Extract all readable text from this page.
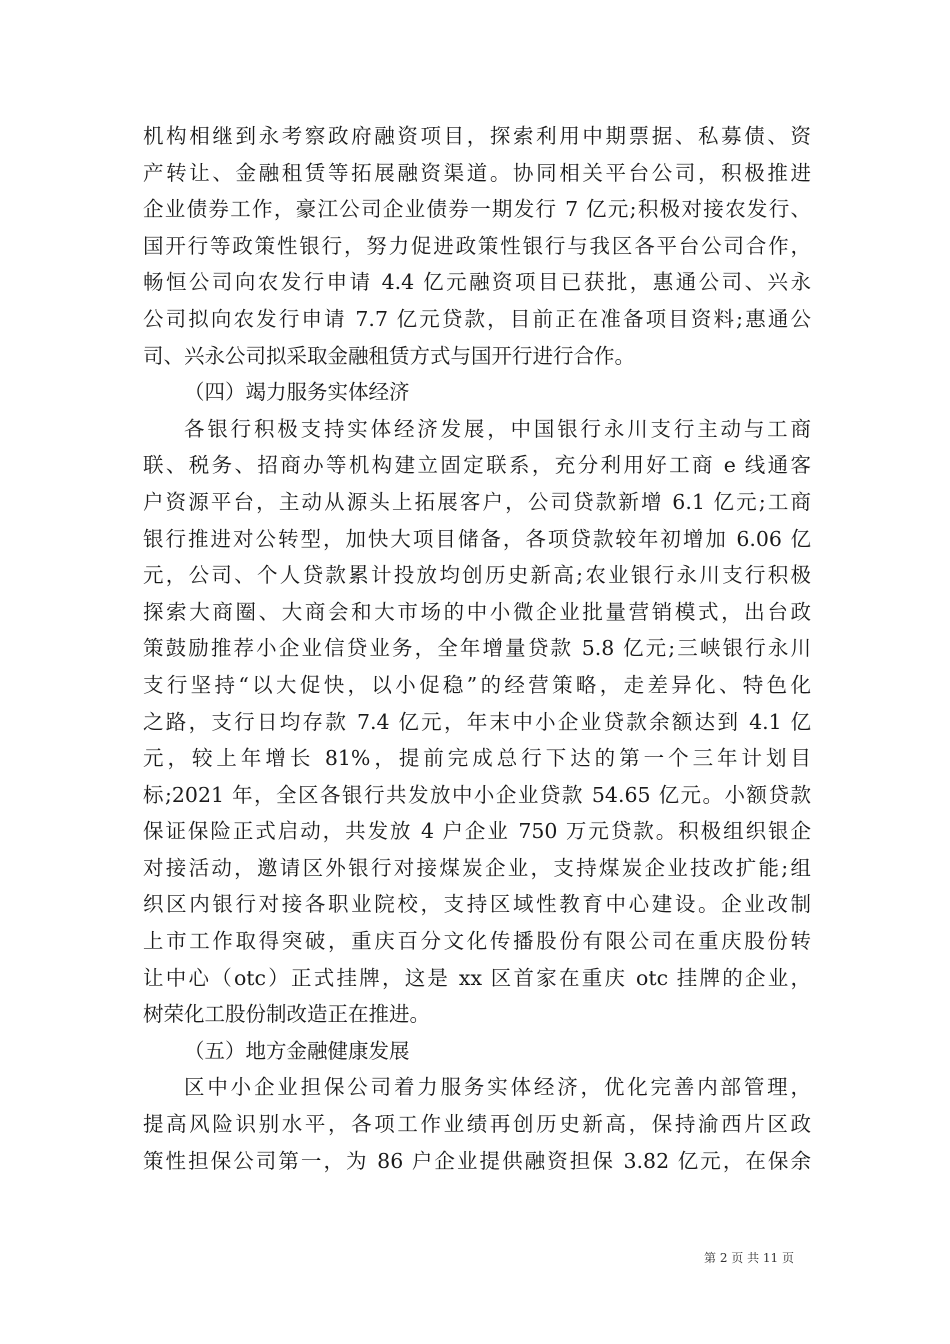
机构相继到永考察政府融资项目，探索利用中期票据、私募债、资
产转让、金融租赁等拓展融资渠道。协同相关平台公司，积极推进
企业债券工作，豪江公司企业债券一期发行 7 亿元;积极对接农发行、
国开行等政策性银行，努力促进政策性银行与我区各平台公司合作，
畅恒公司向农发行申请 4.4 亿元融资项目已获批，惠通公司、兴永
公司拟向农发行申请 7.7 亿元贷款，目前正在准备项目资料;惠通公
司、兴永公司拟采取金融租赁方式与国开行进行合作。
（四）竭力服务实体经济
各银行积极支持实体经济发展，中国银行永川支行主动与工商
联、税务、招商办等机构建立固定联系，充分利用好工商 e 线通客
户资源平台，主动从源头上拓展客户，公司贷款新增 6.1 亿元;工商
银行推进对公转型，加快大项目储备，各项贷款较年初增加 6.06 亿
元，公司、个人贷款累计投放均创历史新高;农业银行永川支行积极
探索大商圈、大商会和大市场的中小微企业批量营销模式，出台政
策鼓励推荐小企业信贷业务，全年增量贷款 5.8 亿元;三峡银行永川
支行坚持“以大促快，以小促稳”的经营策略，走差异化、特色化
之路，支行日均存款 7.4 亿元，年末中小企业贷款余额达到 4.1 亿
元，较上年增长 81%，提前完成总行下达的第一个三年计划目
标;2021 年，全区各银行共发放中小企业贷款 54.65 亿元。小额贷款
保证保险正式启动，共发放 4 户企业 750 万元贷款。积极组织银企
对接活动，邀请区外银行对接煤炭企业，支持煤炭企业技改扩能;组
织区内银行对接各职业院校，支持区域性教育中心建设。企业改制
上市工作取得突破，重庆百分文化传播股份有限公司在重庆股份转
让中心（otc）正式挂牌，这是 xx 区首家在重庆 otc 挂牌的企业，
树荣化工股份制改造正在推进。
（五）地方金融健康发展
区中小企业担保公司着力服务实体经济，优化完善内部管理，
提高风险识别水平，各项工作业绩再创历史新高，保持渝西片区政
策性担保公司第一，为 86 户企业提供融资担保 3.82 亿元，在保余
第 2 页 共 11 页
